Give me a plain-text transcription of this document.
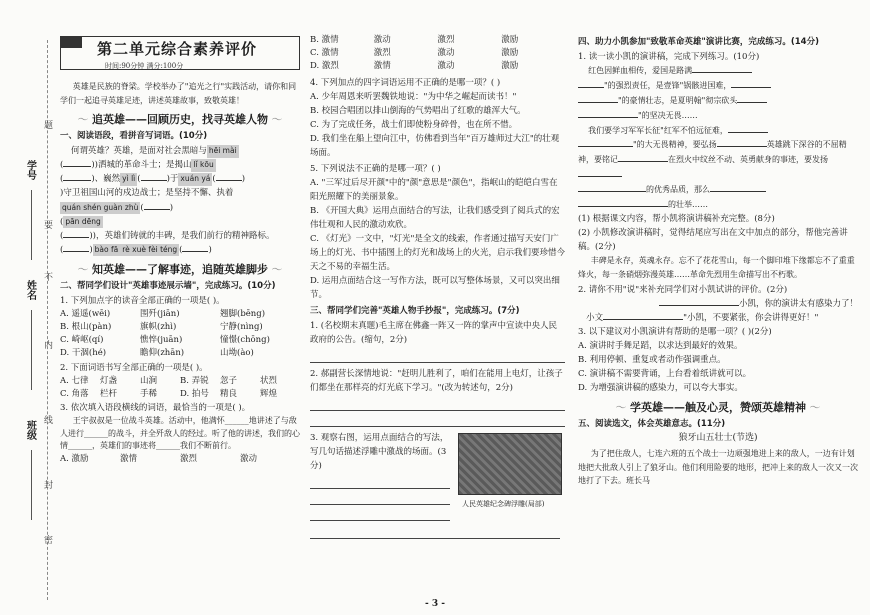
学号
姓名
班级
题
要
不
内
线
封
密
第二单元综合素养评价
时间:90分钟 满分:100分

英雄是民族的脊梁。学校举办了"追光之行"实践活动，请你和同学们一起追寻英雄足迹，讲述英雄故事，致敬英雄！

〜 追英雄——回顾历史，找寻英雄人物 〜
一、阅读语段，看拼音写词语。(10分)
何谓英雄？英雄，是面对社会黑暗与 hēi mài
(	))洒城的革命斗士；是揭山 lǐ kōu
(	)、巍然 yì lì (	)于 xuán yá (	)
)守卫祖国山河的戍边战士；是坚持不懈、执着quán shén guàn zhù (	)
( pān dēng
(	))，英雄们铸就的丰碑，是我们前行的精神路标。
(	) bào fā rè xuè fèi téng (	)
〜 知英雄——了解事迹，追随英雄脚步 〜
二、帮同学们设计"英雄事迹展示墙"，完成练习。(10分)
1. 下列加点字的读音全部正确的一项是( )。
A. 遥遥(wēi)	围歼(jiān)	翘脚(bēng)
B. 根山(pàn)	旗帜(zhì)	宁静(nìng)
C. 崎岖(qí)	憔悴(juān)	憧憬(chōng)
D. 干涸(hé)	瞻仰(zhān)	山坳(ào)
2. 下面词语书写全部正确的一项是( )。
A. 七律	灯盏	山涧	B. 弄锐	忽子	状烈
C. 角落	栏杆	手稀	D. 拍号	精良	辉煌
3. 依次填入语段横线的词语，最恰当的一项是( )。
王宇叔叔是一位战斗英雄。活动中，他满怀______地讲述了与敌人进行______的战斗，并全歼敌人的经过。听了他的讲述，我们的心情______，英雄们的事迹将______我们不断前行。
A. 激励	激情	激烈	激动
B. 激情	激动	激烈	激励
C. 激情	激烈	激动	激励
D. 激烈	激情	激动	激励
4. 下列加点的四字词语运用不正确的是哪一项？( )
A. 少年周恩来听罢魏铁地说："为中华之崛起而读书！"
B. 校园合唱团以排山倒海的气势唱出了红歌的雄浑大气。
C. 为了完成任务，战士们即使粉身碎骨，也在所不惜。
D. 我们坐在船上望向江中，仿佛看到当年"百万雄师过大江"的壮观场面。
5. 下列说法不正确的是哪一项？( )
A. "三军过后尽开颜"中的"颜"意思是"颜色"，指岷山的皑皑白雪在阳光照耀下的美丽景象。
B. 《开国大典》运用点面结合的写法，让我们感受到了阅兵式的宏伟壮观和人民的激动欢欣。
C. 《灯光》一文中，"灯光"是全文的线索，作者通过描写天安门广场上的灯光、书中插图上的灯光和战场上的火光，启示我们要珍惜今天之不易的幸福生活。
D. 运用点面结合这一写作方法，既可以写整体场景，又可以突出细节。
三、帮同学们完善"英雄人物手抄报"，完成练习。(7分)
1. (名校期末真题)毛主席在佛鑫一阵又一阵的掌声中宣读中央人民政府的公告。(缩句，2分)
2. 郝副营长深情地说："赶明儿胜利了，咱们在能用上电灯，让孩子们都坐在那样亮的灯光底下学习。"(改为转述句，2分)
3. 观察右图，运用点面结合的写法，写几句话描述浮雕中激战的场面。(3分)
人民英雄纪念碑浮雕(局部)
四、助力小凯参加"致敬革命英雄"演讲比赛，完成练习。(14分)
1. 读一读小凯的演讲稿，完成下列练习。(10分)
红色因鲜血相传，爱国是路满
"的强烈责任，是壹锋"锅骸进国难，
"的豪情壮志，是夏明翰"彻宗砍头
"的坚决无畏……
我们要学习军军长征"红军不怕远征难，
"的大无畏精神，要弘扬	英雄跳下深谷的不屈精神，要铭记	在烈火中纹丝不动、英勇献身的事迹，要发扬
的优秀品质，那么
的壮举……
(1) 根据课文内容，帮小凯将演讲稿补充完整。(8分)
(2) 小凯修改演讲稿时，觉得结尾应写出在文中加点的部分，帮他完善讲稿。(2分)
丰碑是永存，英魂永存。忘不了花花雪山，每一个脚印堆下缘都忘不了重重烽火，每一条硝烟弥漫英雄……革命先烈用生命描写出不朽歌。
2. 请你不用"说"来补充同学们对小凯试讲的评价。(2分)
小凯，你的演讲太有感染力了！
小文	"小凯，不要紧张，你会讲得更好！"
3. 以下建议对小凯演讲有帮助的是哪一项？( )(2分)
A. 演讲时手舞足蹈，以求达到最好的效果。
B. 利用停顿、重复或者动作强调重点。
C. 演讲稿不需要背诵，上台看着纸讲就可以。
D. 为增强演讲稿的感染力，可以夸大事实。
〜 学英雄——触及心灵，赞颂英雄精神 〜
五、阅读选文，体会英雄意志。(11分)
狼牙山五壮士(节选)
为了把住敌人，七连六班的五个战士一边顽强地进上来的敌人，一边有计划地把大批敌人引上了狼牙山。他们利用险要的地形，把冲上来的敌人一次又一次地打了下去。班长马
- 3 -
